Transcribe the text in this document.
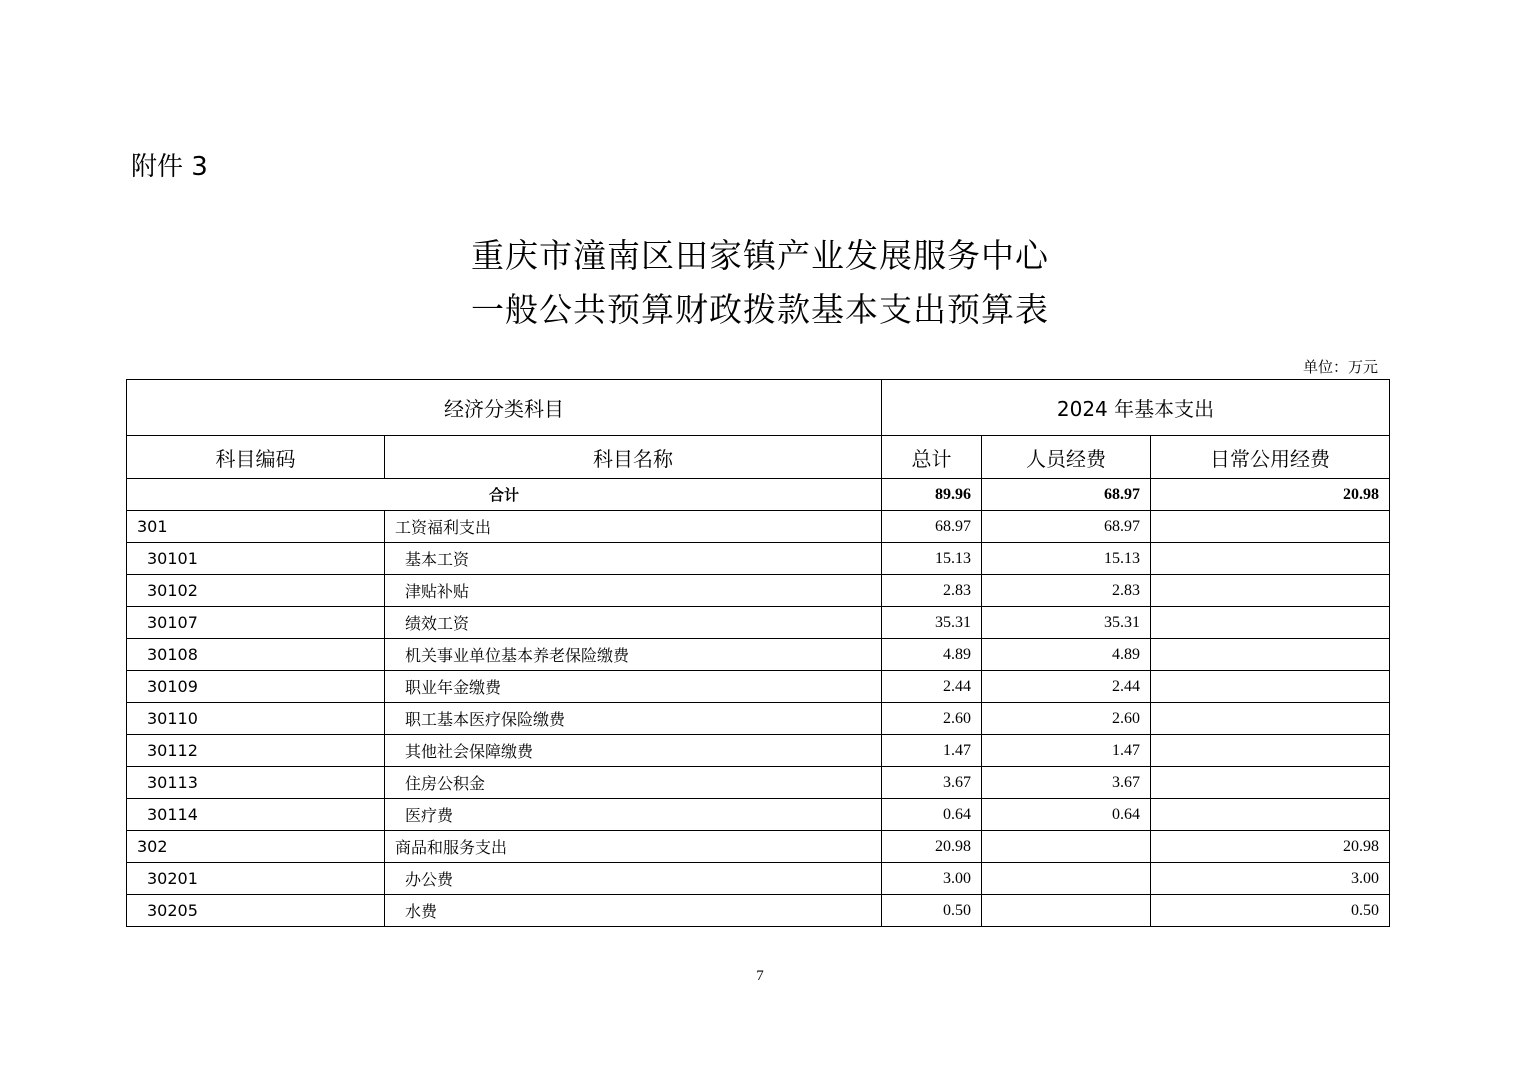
附件 3
重庆市潼南区田家镇产业发展服务中心
一般公共预算财政拨款基本支出预算表
单位：万元
经济分类科目		2024 年基本支出		
科目编码	科目名称	总计	人员经费	日常公用经费
合计		89.96	68.97	20.98
301	工资福利支出	68.97	68.97	
30101	基本工资	15.13	15.13	
30102	津贴补贴	2.83	2.83	
30107	绩效工资	35.31	35.31	
30108	机关事业单位基本养老保险缴费	4.89	4.89	
30109	职业年金缴费	2.44	2.44	
30110	职工基本医疗保险缴费	2.60	2.60	
30112	其他社会保障缴费	1.47	1.47	
30113	住房公积金	3.67	3.67	
30114	医疗费	0.64	0.64	
302	商品和服务支出	20.98		20.98
30201	办公费	3.00		3.00
30205	水费	0.50		0.50
7
